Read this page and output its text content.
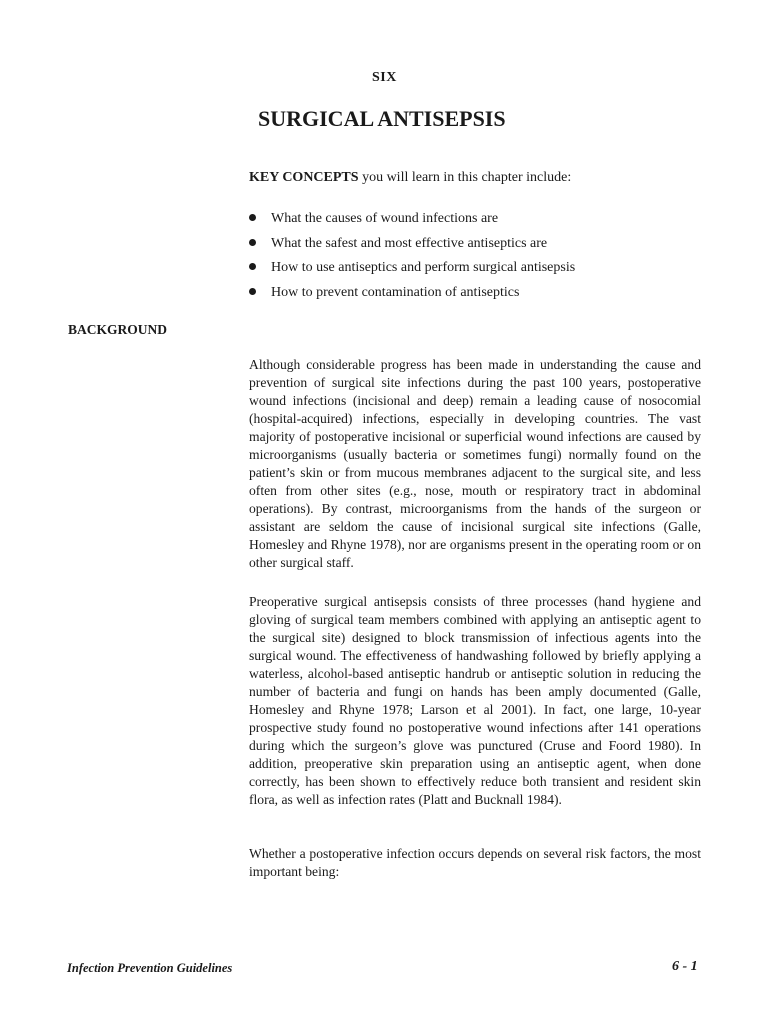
SIX
SURGICAL ANTISEPSIS

KEY CONCEPTS you will learn in this chapter include:

What the causes of wound infections are
What the safest and most effective antiseptics are
How to use antiseptics and perform surgical antisepsis
How to prevent contamination of antiseptics
BACKGROUND

Although considerable progress has been made in understanding the cause and prevention of surgical site infections during the past 100 years, postoperative wound infections (incisional and deep) remain a leading cause of nosocomial (hospital-acquired) infections, especially in developing countries. The vast majority of postoperative incisional or superficial wound infections are caused by microorganisms (usually bacteria or sometimes fungi) normally found on the patient’s skin or from mucous membranes adjacent to the surgical site, and less often from other sites (e.g., nose, mouth or respiratory tract in abdominal operations). By contrast, microorganisms from the hands of the surgeon or assistant are seldom the cause of incisional surgical site infections (Galle, Homesley and Rhyne 1978), nor are organisms present in the operating room or on other surgical staff.

Preoperative surgical antisepsis consists of three processes (hand hygiene and gloving of surgical team members combined with applying an antiseptic agent to the surgical site) designed to block transmission of infectious agents into the surgical wound. The effectiveness of handwashing followed by briefly applying a waterless, alcohol-based antiseptic handrub or antiseptic solution in reducing the number of bacteria and fungi on hands has been amply documented (Galle, Homesley and Rhyne 1978; Larson et al 2001). In fact, one large, 10-year prospective study found no postoperative wound infections after 141 operations during which the surgeon’s glove was punctured (Cruse and Foord 1980). In addition, preoperative skin preparation using an antiseptic agent, when done correctly, has been shown to effectively reduce both transient and resident skin flora, as well as infection rates (Platt and Bucknall 1984).

Whether a postoperative infection occurs depends on several risk factors, the most important being:

Infection Prevention Guidelines	6 - 1
